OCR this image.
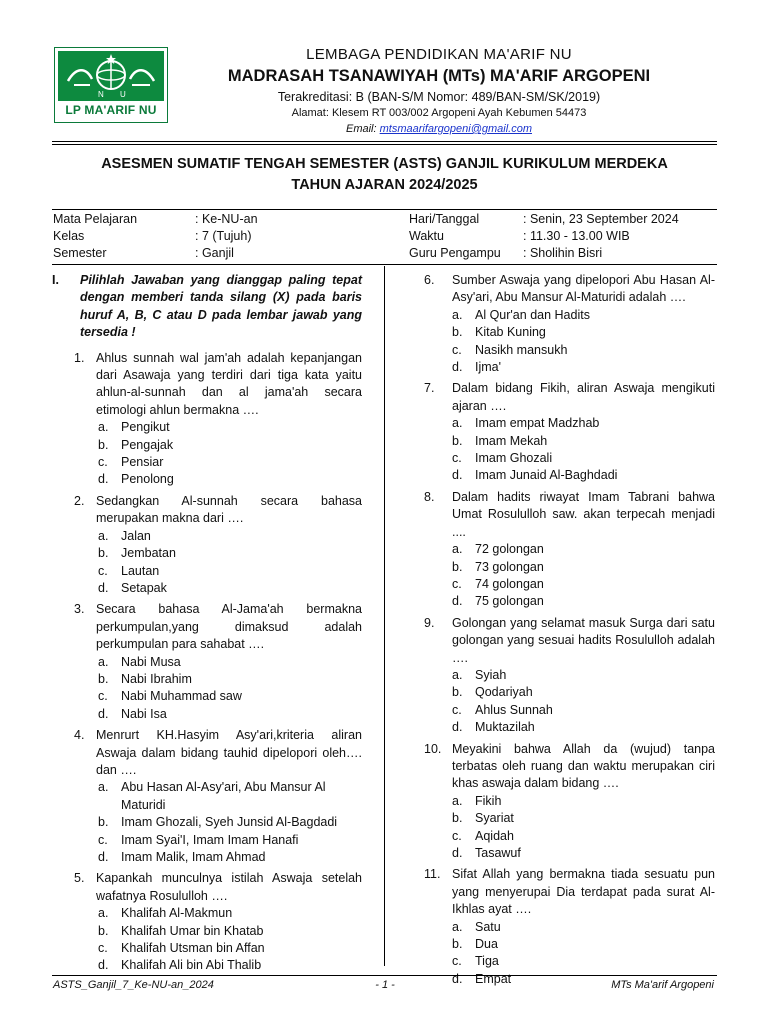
N U
LP MA'ARIF NU
LEMBAGA PENDIDIKAN MA'ARIF NU
MADRASAH TSANAWIYAH (MTs) MA'ARIF ARGOPENI
Terakreditasi: B (BAN-S/M Nomor: 489/BAN-SM/SK/2019)
Alamat: Klesem RT 003/002 Argopeni Ayah Kebumen 54473
Email: mtsmaarifargopeni@gmail.com
ASESMEN SUMATIF TENGAH SEMESTER (ASTS) GANJIL KURIKULUM MERDEKA
TAHUN AJARAN 2024/2025
Mata Pelajaran	: Ke-NU-an
Kelas	: 7 (Tujuh)
Semester	: Ganjil
Hari/Tanggal	: Senin, 23 September 2024
Waktu	: 11.30 - 13.00 WIB
Guru Pengampu : Sholihin Bisri
I.	Pilihlah Jawaban yang dianggap paling tepat dengan memberi tanda silang (X) pada baris huruf A, B, C atau D pada lembar jawab yang tersedia !
1. Ahlus sunnah wal jam'ah adalah kepanjangan dari Asawaja yang terdiri dari tiga kata yaitu ahlun-al-sunnah dan al jama'ah secara etimologi ahlun bermakna ….
a.	Pengikut
b.	Pengajak
c.	Pensiar
d.	Penolong
2. Sedangkan Al-sunnah secara bahasa merupakan makna dari ….
a.	Jalan
b.	Jembatan
c.	Lautan
d.	Setapak
3. Secara bahasa Al-Jama'ah bermakna perkumpulan,yang dimaksud adalah perkumpulan para sahabat ….
a.	Nabi Musa
b.	Nabi Ibrahim
c.	Nabi Muhammad saw
d.	Nabi Isa
4. Menrurt KH.Hasyim Asy'ari,kriteria aliran Aswaja dalam bidang tauhid dipelopori oleh…. dan ….
a.	Abu Hasan Al-Asy'ari, Abu Mansur Al Maturidi
b.	Imam Ghozali, Syeh Junsid Al-Bagdadi
c.	Imam Syai'I, Imam Imam Hanafi
d.	Imam Malik, Imam Ahmad
5. Kapankah munculnya istilah Aswaja setelah wafatnya Rosululloh ….
a.	Khalifah Al-Makmun
b.	Khalifah Umar bin Khatab
c.	Khalifah Utsman bin Affan
d.	Khalifah Ali bin Abi Thalib
6.	Sumber Aswaja yang dipelopori Abu Hasan Al-Asy'ari, Abu Mansur Al-Maturidi adalah ….
a.	Al Qur'an dan Hadits
b.	Kitab Kuning
c.	Nasikh mansukh
d.	Ijma'
7.	Dalam bidang Fikih, aliran Aswaja mengikuti ajaran ….
a.	Imam empat Madzhab
b.	Imam Mekah
c.	Imam Ghozali
d.	Imam Junaid Al-Baghdadi
8.	Dalam hadits riwayat Imam Tabrani bahwa Umat Rosululloh saw. akan terpecah menjadi ....
a.	72 golongan
b.	73 golongan
c.	74 golongan
d.	75 golongan
9.	Golongan yang selamat masuk Surga dari satu golongan yang sesuai hadits Rosululloh adalah ….
a.	Syiah
b.	Qodariyah
c.	Ahlus Sunnah
d.	Muktazilah
10. Meyakini bahwa Allah da (wujud) tanpa terbatas oleh ruang dan waktu merupakan ciri khas aswaja dalam bidang ….
a.	Fikih
b.	Syariat
c.	Aqidah
d.	Tasawuf
11. Sifat Allah yang bermakna tiada sesuatu pun yang menyerupai Dia terdapat pada surat Al-Ikhlas ayat ….
a.	Satu
b.	Dua
c.	Tiga
d.	Empat
ASTS_Ganjil_7_Ke-NU-an_2024	- 1 -	MTs Ma'arif Argopeni
